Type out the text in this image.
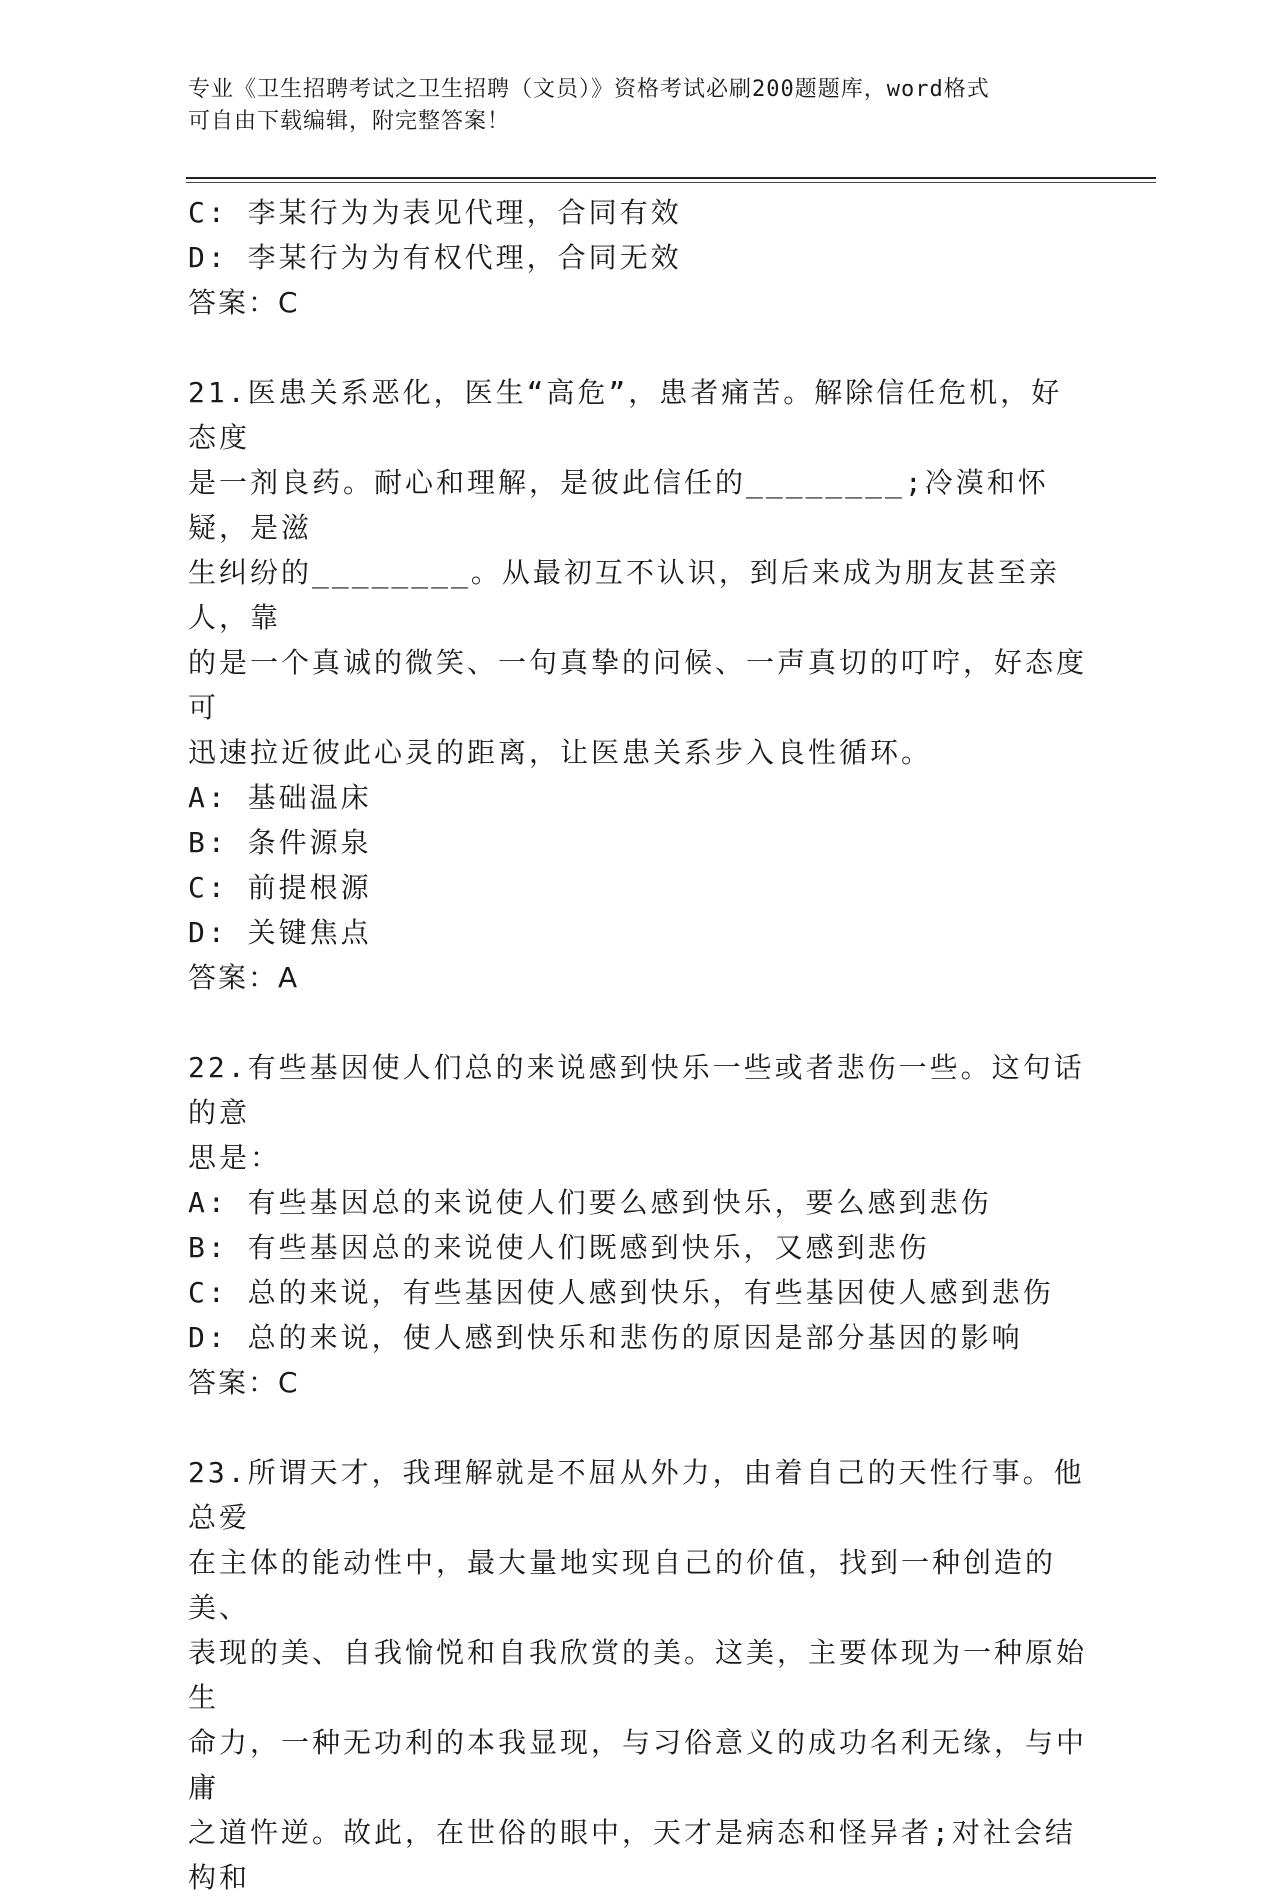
专业《卫生招聘考试之卫生招聘（文员）》资格考试必刷200题题库，word格式
可自由下载编辑，附完整答案！
C: 李某行为为表见代理，合同有效
D: 李某行为为有权代理，合同无效
答案：C
21.医患关系恶化，医生“高危”，患者痛苦。解除信任危机，好态度
是一剂良药。耐心和理解，是彼此信任的________;冷漠和怀疑，是滋
生纠纷的________。从最初互不认识，到后来成为朋友甚至亲人，靠
的是一个真诚的微笑、一句真挚的问候、一声真切的叮咛，好态度可
迅速拉近彼此心灵的距离，让医患关系步入良性循环。
A: 基础温床
B: 条件源泉
C: 前提根源
D: 关键焦点
答案：A
22.有些基因使人们总的来说感到快乐一些或者悲伤一些。这句话的意
思是：
A: 有些基因总的来说使人们要么感到快乐，要么感到悲伤
B: 有些基因总的来说使人们既感到快乐，又感到悲伤
C: 总的来说，有些基因使人感到快乐，有些基因使人感到悲伤
D: 总的来说，使人感到快乐和悲伤的原因是部分基因的影响
答案：C
23.所谓天才，我理解就是不屈从外力，由着自己的天性行事。他总爱
在主体的能动性中，最大量地实现自己的价值，找到一种创造的美、
表现的美、自我愉悦和自我欣赏的美。这美，主要体现为一种原始生
命力，一种无功利的本我显现，与习俗意义的成功名利无缘，与中庸
之道忤逆。故此，在世俗的眼中，天才是病态和怪异者;对社会结构和
